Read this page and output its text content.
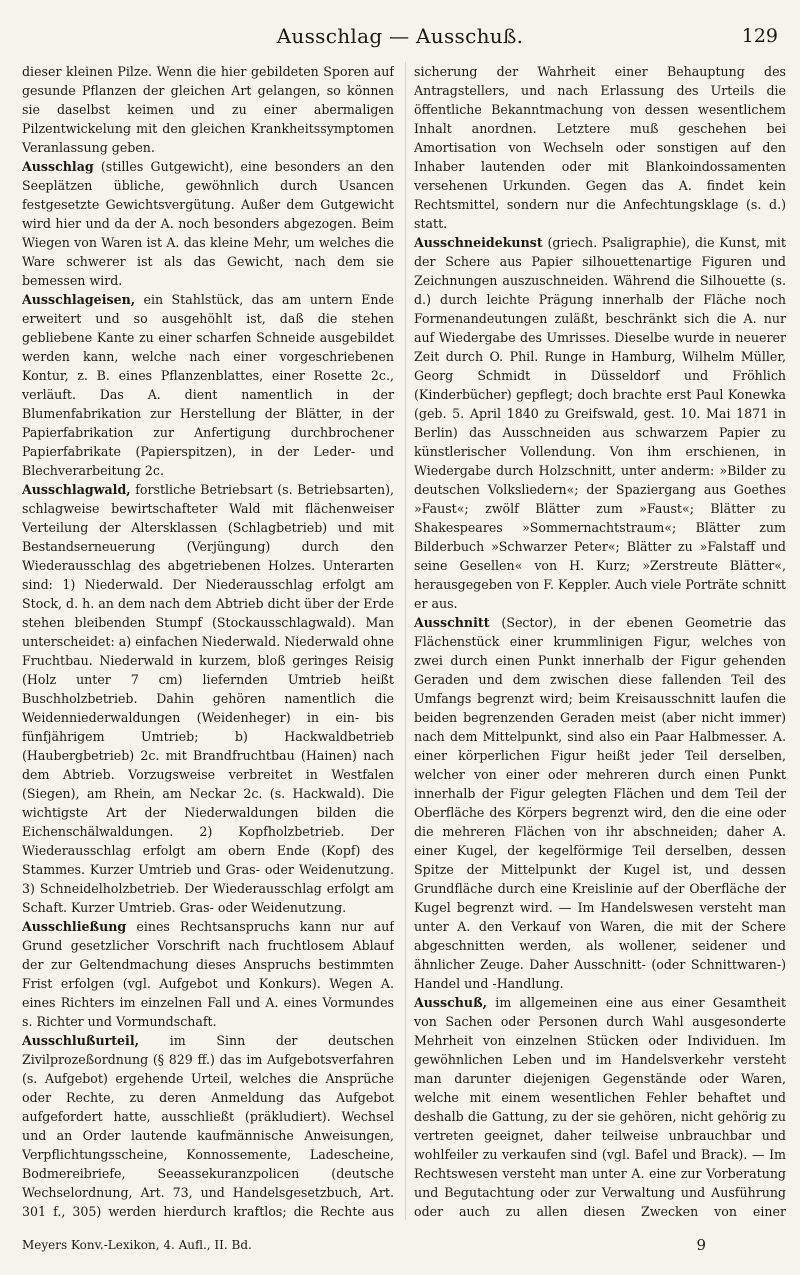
Ausschlag — Ausschuß.	129

dieser kleinen Pilze. Wenn die hier gebildeten Sporen auf gesunde Pflanzen der gleichen Art gelangen, so können sie daselbst keimen und zu einer abermaligen Pilzentwickelung mit den gleichen Krankheitssymptomen Veranlassung geben.

Ausschlag (stilles Gutgewicht), eine besonders an den Seeplätzen übliche, gewöhnlich durch Usancen festgesetzte Gewichtsvergütung. Außer dem Gutgewicht wird hier und da der A. noch besonders abgezogen. Beim Wiegen von Waren ist A. das kleine Mehr, um welches die Ware schwerer ist als das Gewicht, nach dem sie bemessen wird.

Ausschlageisen, ein Stahlstück, das am untern Ende erweitert und so ausgehöhlt ist, daß die stehen gebliebene Kante zu einer scharfen Schneide ausgebildet werden kann, welche nach einer vorgeschriebenen Kontur, z. B. eines Pflanzenblattes, einer Rosette 2c., verläuft. Das A. dient namentlich in der Blumenfabrikation zur Herstellung der Blätter, in der Papierfabrikation zur Anfertigung durchbrochener Papierfabrikate (Papierspitzen), in der Leder- und Blechverarbeitung 2c.

Ausschlagwald, forstliche Betriebsart (s. Betriebsarten), schlagweise bewirtschafteter Wald mit flächenweiser Verteilung der Altersklassen (Schlagbetrieb) und mit Bestandserneuerung (Verjüngung) durch den Wiederausschlag des abgetriebenen Holzes. Unterarten sind: 1) Niederwald. Der Niederausschlag erfolgt am Stock, d. h. an dem nach dem Abtrieb dicht über der Erde stehen bleibenden Stumpf (Stockausschlagwald). Man unterscheidet: a) einfachen Niederwald. Niederwald ohne Fruchtbau. Niederwald in kurzem, bloß geringes Reisig (Holz unter 7 cm) liefernden Umtrieb heißt Buschholzbetrieb. Dahin gehören namentlich die Weidenniederwaldungen (Weidenheger) in ein- bis fünfjährigem Umtrieb; b) Hackwaldbetrieb (Haubergbetrieb) 2c. mit Brandfruchtbau (Hainen) nach dem Abtrieb. Vorzugsweise verbreitet in Westfalen (Siegen), am Rhein, am Neckar 2c. (s. Hackwald). Die wichtigste Art der Niederwaldungen bilden die Eichenschälwaldungen. 2) Kopfholzbetrieb. Der Wiederausschlag erfolgt am obern Ende (Kopf) des Stammes. Kurzer Umtrieb und Gras- oder Weidenutzung. 3) Schneidelholzbetrieb. Der Wiederausschlag erfolgt am Schaft. Kurzer Umtrieb. Gras- oder Weidenutzung.

Ausschließung eines Rechtsanspruchs kann nur auf Grund gesetzlicher Vorschrift nach fruchtlosem Ablauf der zur Geltendmachung dieses Anspruchs bestimmten Frist erfolgen (vgl. Aufgebot und Konkurs). Wegen A. eines Richters im einzelnen Fall und A. eines Vormundes s. Richter und Vormundschaft.

Ausschlußurteil, im Sinn der deutschen Zivilprozeßordnung (§ 829 ff.) das im Aufgebotsverfahren (s. Aufgebot) ergehende Urteil, welches die Ansprüche oder Rechte, zu deren Anmeldung das Aufgebot aufgefordert hatte, ausschließt (präkludiert). Wechsel und an Order lautende kaufmännische Anweisungen, Verpflichtungsscheine, Konnossemente, Ladescheine, Bodmereibriefe, Seeassekuranzpolicen (deutsche Wechselordnung, Art. 73, und Handelsgesetzbuch, Art. 301 f., 305) werden hierdurch kraftlos; die Rechte aus

sicherung der Wahrheit einer Behauptung des Antragstellers, und nach Erlassung des Urteils die öffentliche Bekanntmachung von dessen wesentlichem Inhalt anordnen. Letztere muß geschehen bei Amortisation von Wechseln oder sonstigen auf den Inhaber lautenden oder mit Blankoindossamenten versehenen Urkunden. Gegen das A. findet kein Rechtsmittel, sondern nur die Anfechtungsklage (s. d.) statt.

Ausschneidekunst (griech. Psaligraphie), die Kunst, mit der Schere aus Papier silhouettenartige Figuren und Zeichnungen auszuschneiden. Während die Silhouette (s. d.) durch leichte Prägung innerhalb der Fläche noch Formenandeutungen zuläßt, beschränkt sich die A. nur auf Wiedergabe des Umrisses. Dieselbe wurde in neuerer Zeit durch O. Phil. Runge in Hamburg, Wilhelm Müller, Georg Schmidt in Düsseldorf und Fröhlich (Kinderbücher) gepflegt; doch brachte erst Paul Konewka (geb. 5. April 1840 zu Greifswald, gest. 10. Mai 1871 in Berlin) das Ausschneiden aus schwarzem Papier zu künstlerischer Vollendung. Von ihm erschienen, in Wiedergabe durch Holzschnitt, unter anderm: »Bilder zu deutschen Volksliedern«; der Spaziergang aus Goethes »Faust«; zwölf Blätter zum »Faust«; Blätter zu Shakespeares »Sommernachtstraum«; Blätter zum Bilderbuch »Schwarzer Peter«; Blätter zu »Falstaff und seine Gesellen« von H. Kurz; »Zerstreute Blätter«, herausgegeben von F. Keppler. Auch viele Porträte schnitt er aus.

Ausschnitt (Sector), in der ebenen Geometrie das Flächenstück einer krummlinigen Figur, welches von zwei durch einen Punkt innerhalb der Figur gehenden Geraden und dem zwischen diese fallenden Teil des Umfangs begrenzt wird; beim Kreisausschnitt laufen die beiden begrenzenden Geraden meist (aber nicht immer) nach dem Mittelpunkt, sind also ein Paar Halbmesser. A. einer körperlichen Figur heißt jeder Teil derselben, welcher von einer oder mehreren durch einen Punkt innerhalb der Figur gelegten Flächen und dem Teil der Oberfläche des Körpers begrenzt wird, den die eine oder die mehreren Flächen von ihr abschneiden; daher A. einer Kugel, der kegelförmige Teil derselben, dessen Spitze der Mittelpunkt der Kugel ist, und dessen Grundfläche durch eine Kreislinie auf der Oberfläche der Kugel begrenzt wird. — Im Handelswesen versteht man unter A. den Verkauf von Waren, die mit der Schere abgeschnitten werden, als wollener, seidener und ähnlicher Zeuge. Daher Ausschnitt- (oder Schnittwaren-) Handel und -Handlung.

Ausschuß, im allgemeinen eine aus einer Gesamtheit von Sachen oder Personen durch Wahl ausgesonderte Mehrheit von einzelnen Stücken oder Individuen. Im gewöhnlichen Leben und im Handelsverkehr versteht man darunter diejenigen Gegenstände oder Waren, welche mit einem wesentlichen Fehler behaftet und deshalb die Gattung, zu der sie gehören, nicht gehörig zu vertreten geeignet, daher teilweise unbrauchbar und wohlfeiler zu verkaufen sind (vgl. Bafel und Brack). — Im Rechtswesen versteht man unter A. eine zur Vorberatung und Begutachtung oder zur Verwaltung und Ausführung oder auch zu allen diesen Zwecken von einer

Meyers Konv.-Lexikon, 4. Aufl., II. Bd.	9
